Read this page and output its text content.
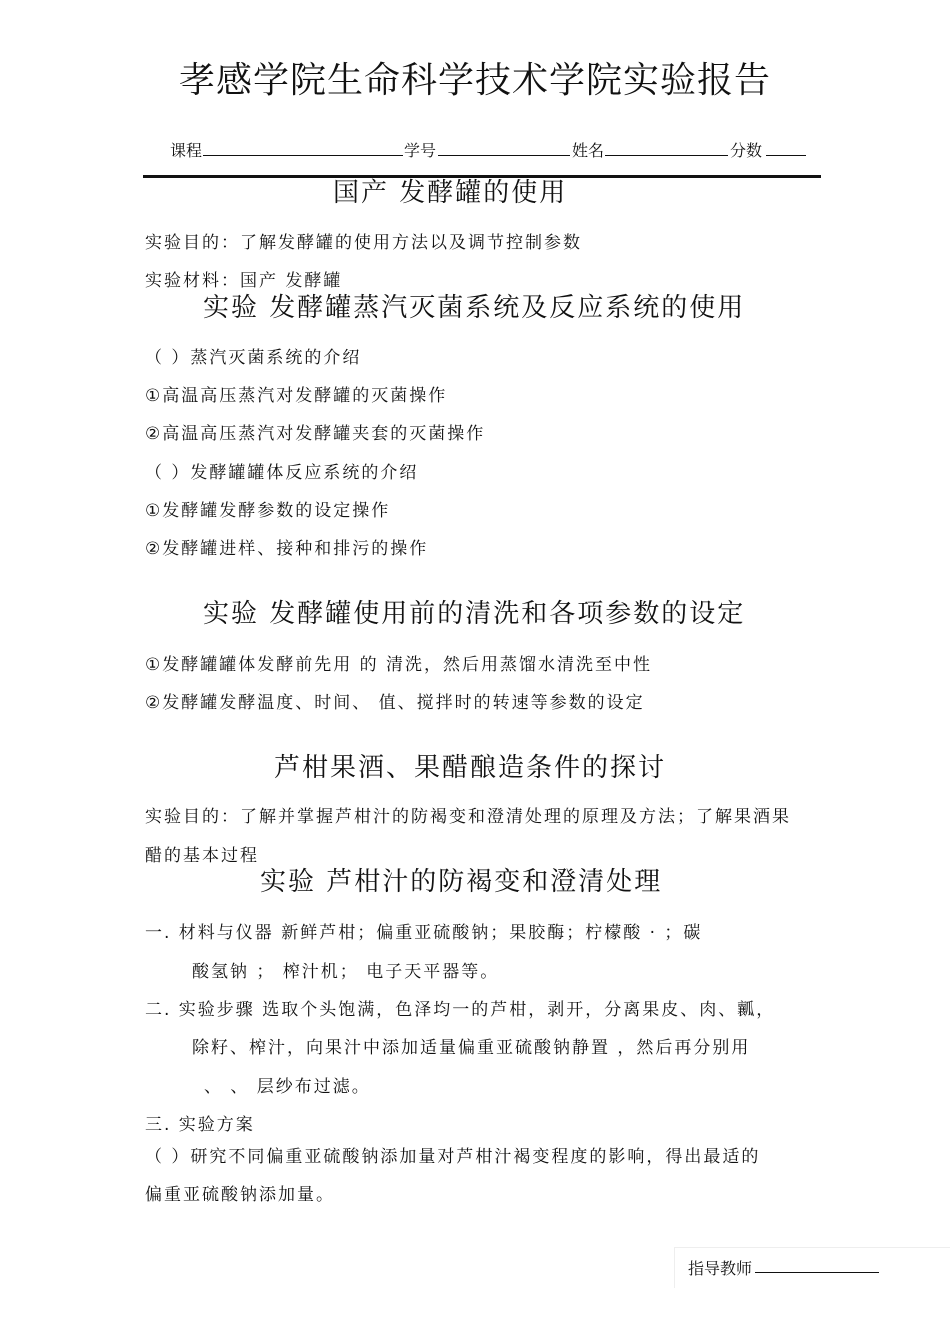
孝感学院生命科学技术学院实验报告
课程	学号	姓名	分数
国产 发酵罐的使用
实验目的：了解发酵罐的使用方法以及调节控制参数
实验材料：国产 发酵罐
实验 发酵罐蒸汽灭菌系统及反应系统的使用
（ ）蒸汽灭菌系统的介绍
①高温高压蒸汽对发酵罐的灭菌操作
②高温高压蒸汽对发酵罐夹套的灭菌操作
（ ）发酵罐罐体反应系统的介绍
①发酵罐发酵参数的设定操作
②发酵罐进样、接种和排污的操作
实验 发酵罐使用前的清洗和各项参数的设定
①发酵罐罐体发酵前先用 的 清洗，然后用蒸馏水清洗至中性
②发酵罐发酵温度、时间、 值、搅拌时的转速等参数的设定
芦柑果酒、果醋酿造条件的探讨
实验目的：了解并掌握芦柑汁的防褐变和澄清处理的原理及方法；了解果酒果
醋的基本过程
实验 芦柑汁的防褐变和澄清处理
一. 材料与仪器 新鲜芦柑；偏重亚硫酸钠；果胶酶；柠檬酸 · ；碳
酸氢钠 ； 榨汁机； 电子天平器等。
二. 实验步骤 选取个头饱满，色泽均一的芦柑，剥开，分离果皮、肉、瓤，
除籽、榨汁，向果汁中添加适量偏重亚硫酸钠静置 ，然后再分别用
、 、 层纱布过滤。
三. 实验方案
（ ）研究不同偏重亚硫酸钠添加量对芦柑汁褐变程度的影响，得出最适的
偏重亚硫酸钠添加量。
指导教师
